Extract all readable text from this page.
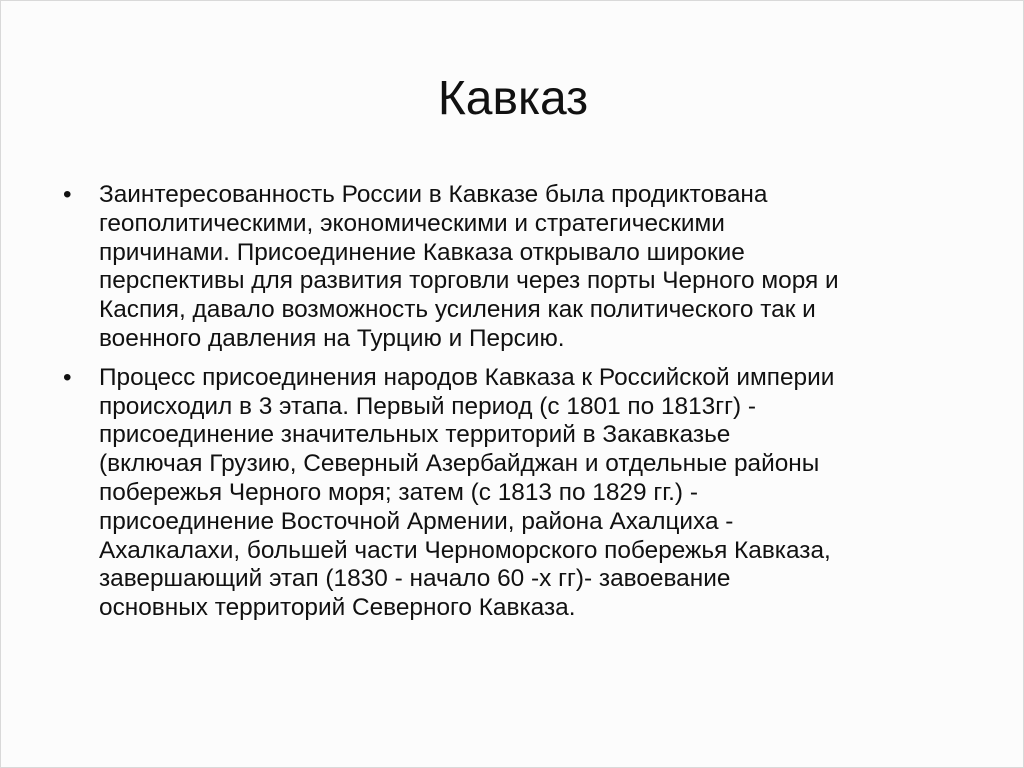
Кавказ
•	Заинтересованность России в Кавказе была продиктована
геополитическими, экономическими и стратегическими
причинами. Присоединение Кавказа открывало широкие
перспективы для развития торговли через порты Черного моря и
Каспия, давало возможность усиления как политического так и
военного давления на Турцию и Персию.
•	Процесс присоединения народов Кавказа к Российской империи
происходил в 3 этапа. Первый период (с 1801 по 1813гг) -
присоединение значительных территорий в Закавказье
(включая Грузию, Северный Азербайджан и отдельные районы
побережья Черного моря; затем (с 1813 по 1829 гг.) -
присоединение Восточной Армении, района Ахалциха -
Ахалкалахи, большей части Черноморского побережья Кавказа,
завершающий этап (1830 - начало 60 -х гг)- завоевание
основных территорий Северного Кавказа.
